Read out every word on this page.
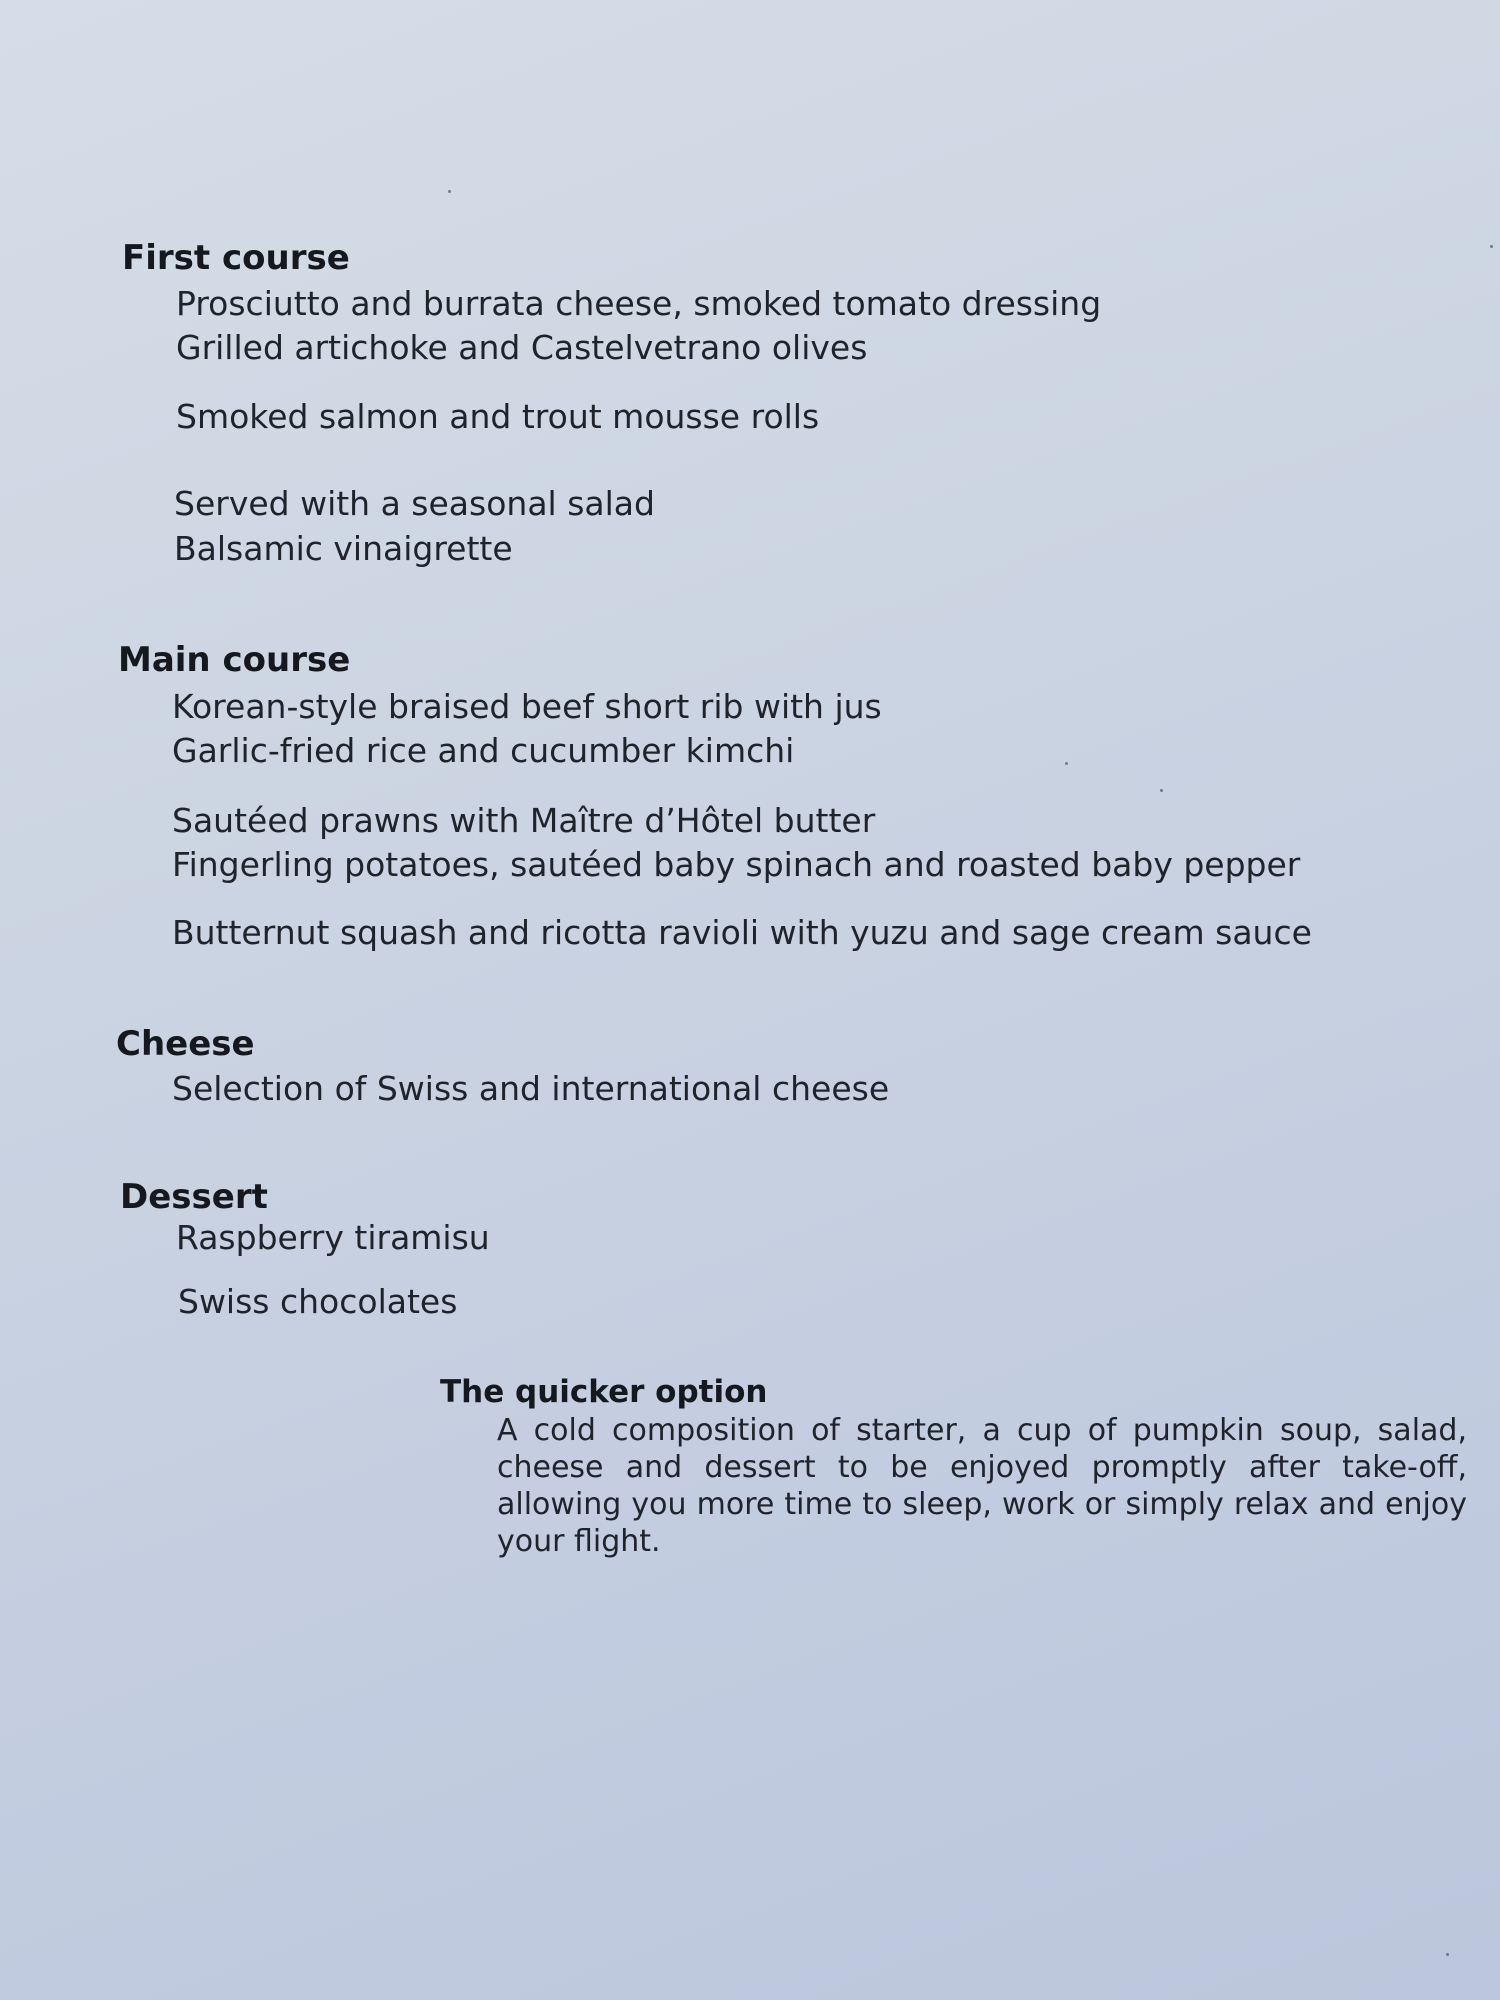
First course
Prosciutto and burrata cheese, smoked tomato dressing
Grilled artichoke and Castelvetrano olives
Smoked salmon and trout mousse rolls
Served with a seasonal salad
Balsamic vinaigrette
Main course
Korean-style braised beef short rib with jus
Garlic-fried rice and cucumber kimchi
Sautéed prawns with Maître d’Hôtel butter
Fingerling potatoes, sautéed baby spinach and roasted baby pepper
Butternut squash and ricotta ravioli with yuzu and sage cream sauce
Cheese
Selection of Swiss and international cheese
Dessert
Raspberry tiramisu
Swiss chocolates
The quicker option

A cold composition of starter, a cup of pumpkin soup, salad, cheese and dessert to be enjoyed promptly after take-off, allowing you more time to sleep, work or simply relax and enjoy your flight.
